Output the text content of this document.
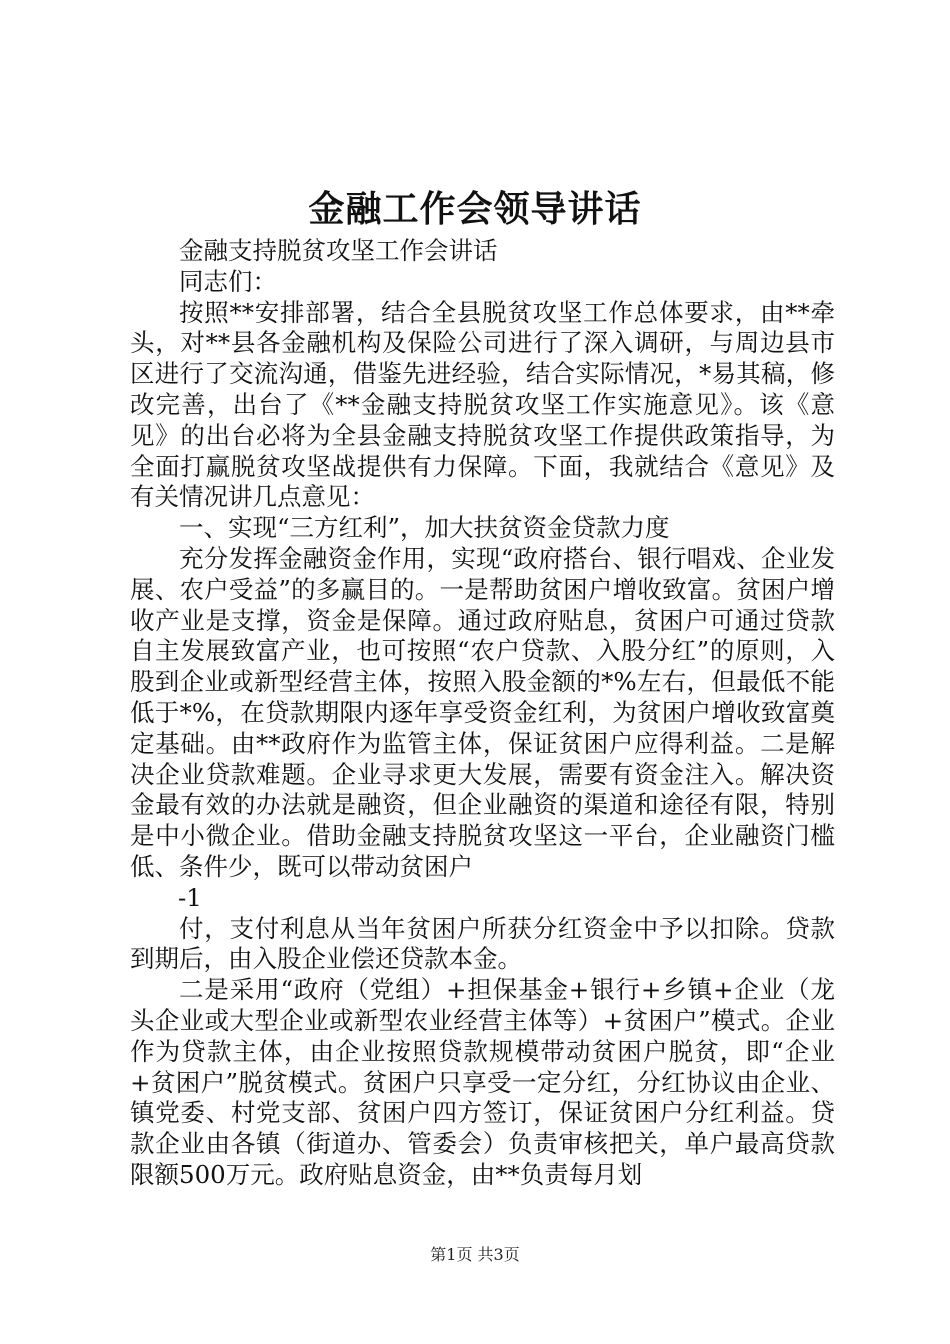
金融工作会领导讲话

金融支持脱贫攻坚工作会讲话

同志们：

按照**安排部署，结合全县脱贫攻坚工作总体要求，由**牵头，对**县各金融机构及保险公司进行了深入调研，与周边县市区进行了交流沟通，借鉴先进经验，结合实际情况，*易其稿，修改完善，出台了《**金融支持脱贫攻坚工作实施意见》。该《意见》的出台必将为全县金融支持脱贫攻坚工作提供政策指导，为全面打赢脱贫攻坚战提供有力保障。下面，我就结合《意见》及有关情况讲几点意见：

一、实现“三方红利”，加大扶贫资金贷款力度

充分发挥金融资金作用，实现“政府搭台、银行唱戏、企业发展、农户受益”的多赢目的。一是帮助贫困户增收致富。贫困户增收产业是支撑，资金是保障。通过政府贴息，贫困户可通过贷款自主发展致富产业，也可按照“农户贷款、入股分红”的原则，入股到企业或新型经营主体，按照入股金额的*%左右，但最低不能低于*%，在贷款期限内逐年享受资金红利，为贫困户增收致富奠定基础。由**政府作为监管主体，保证贫困户应得利益。二是解决企业贷款难题。企业寻求更大发展，需要有资金注入。解决资金最有效的办法就是融资，但企业融资的渠道和途径有限，特别是中小微企业。借助金融支持脱贫攻坚这一平台，企业融资门槛低、条件少，既可以带动贫困户

-1

付，支付利息从当年贫困户所获分红资金中予以扣除。贷款到期后，由入股企业偿还贷款本金。

二是采用“政府（党组）+担保基金+银行+乡镇+企业（龙头企业或大型企业或新型农业经营主体等）+贫困户”模式。企业作为贷款主体，由企业按照贷款规模带动贫困户脱贫，即“企业+贫困户”脱贫模式。贫困户只享受一定分红，分红协议由企业、镇党委、村党支部、贫困户四方签订，保证贫困户分红利益。贷款企业由各镇（街道办、管委会）负责审核把关，单户最高贷款限额500万元。政府贴息资金，由**负责每月划

第1页 共3页
